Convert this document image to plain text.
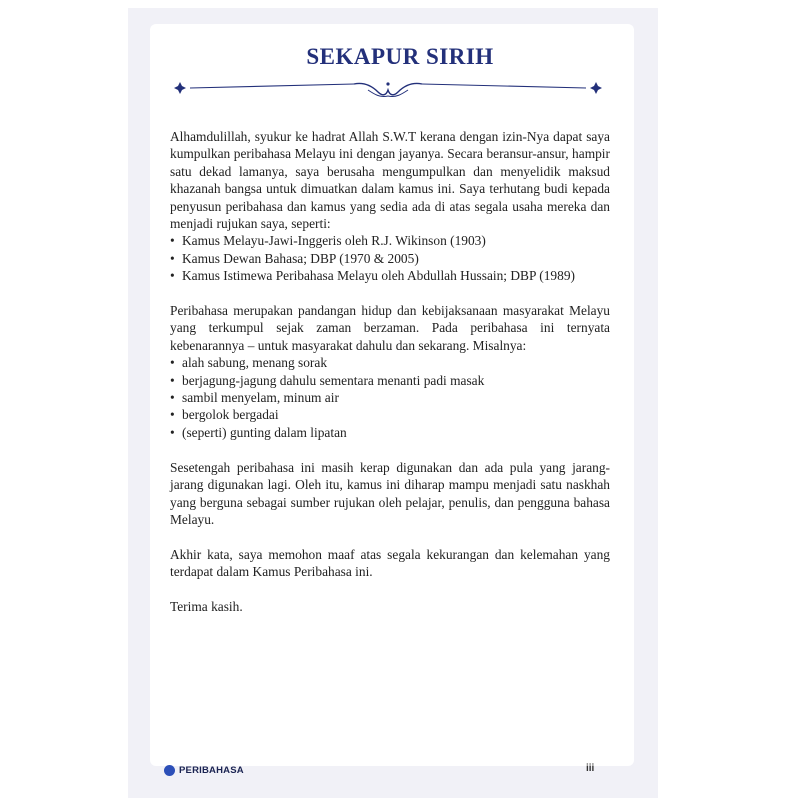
SEKAPUR SIRIH

Alhamdulillah, syukur ke hadrat Allah S.W.T kerana dengan izin-Nya dapat saya kumpulkan peribahasa Melayu ini dengan jayanya. Secara beransur-ansur, hampir satu dekad lamanya, saya berusaha mengumpulkan dan menyelidik maksud khazanah bangsa untuk dimuatkan dalam kamus ini. Saya terhutang budi kepada penyusun peribahasa dan kamus yang sedia ada di atas segala usaha mereka dan menjadi rujukan saya, seperti:

• Kamus Melayu-Jawi-Inggeris oleh R.J. Wikinson (1903)
• Kamus Dewan Bahasa; DBP (1970 & 2005)
• Kamus Istimewa Peribahasa Melayu oleh Abdullah Hussain; DBP (1989)

Peribahasa merupakan pandangan hidup dan kebijaksanaan masyarakat Melayu yang terkumpul sejak zaman berzaman. Pada peribahasa ini ternyata kebenarannya – untuk masyarakat dahulu dan sekarang. Misalnya:

• alah sabung, menang sorak
• berjagung-jagung dahulu sementara menanti padi masak
• sambil menyelam, minum air
• bergolok bergadai
• (seperti) gunting dalam lipatan

Sesetengah peribahasa ini masih kerap digunakan dan ada pula yang jarang-jarang digunakan lagi. Oleh itu, kamus ini diharap mampu menjadi satu naskhah yang berguna sebagai sumber rujukan oleh pelajar, penulis, dan pengguna bahasa Melayu.

Akhir kata, saya memohon maaf atas segala kekurangan dan kelemahan yang terdapat dalam Kamus Peribahasa ini.

Terima kasih.

PERIBAHASA	iii
